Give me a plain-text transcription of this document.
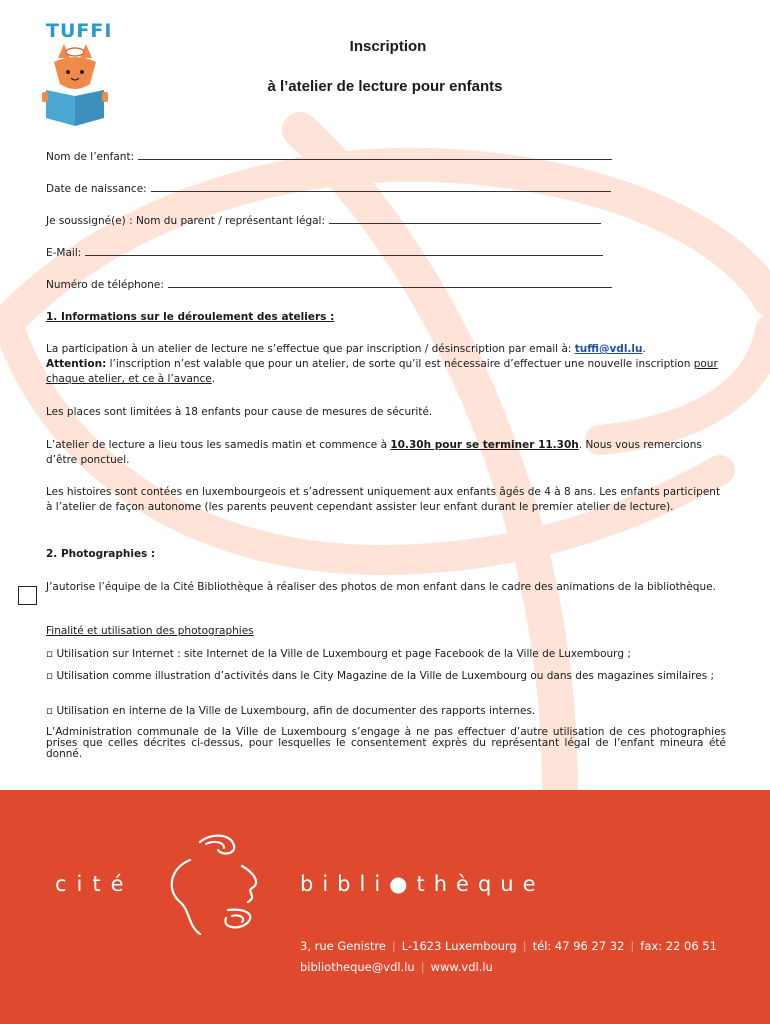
TUFFI
Inscription
à l’atelier de lecture pour enfants
Nom de l’enfant:
Date de naissance:
Je soussigné(e) : Nom du parent / représentant légal:
E-Mail:
Numéro de téléphone:
1. Informations sur le déroulement des ateliers :
La participation à un atelier de lecture ne s’effectue que par inscription / désinscription par email à: tuffi@vdl.lu.
Attention: l’inscription n’est valable que pour un atelier, de sorte qu’il est nécessaire d’effectuer une nouvelle inscription pour chaque atelier, et ce à l’avance.
Les places sont limitées à 18 enfants pour cause de mesures de sécurité.
L’atelier de lecture a lieu tous les samedis matin et commence à 10.30h pour se terminer 11.30h. Nous vous remercions d’être ponctuel.
Les histoires sont contées en luxembourgeois et s’adressent uniquement aux enfants âgés de 4 à 8 ans. Les enfants participent à l’atelier de façon autonome (les parents peuvent cependant assister leur enfant durant le premier atelier de lecture).
2. Photographies :
J’autorise l’équipe de la Cité Bibliothèque à réaliser des photos de mon enfant dans le cadre des animations de la bibliothèque.
Finalité et utilisation des photographies
▫ Utilisation sur Internet : site Internet de la Ville de Luxembourg et page Facebook de la Ville de Luxembourg ;
▫ Utilisation comme illustration d’activités dans le City Magazine de la Ville de Luxembourg ou dans des magazines similaires ;
▫ Utilisation en interne de la Ville de Luxembourg, afin de documenter des rapports internes.
L’Administration communale de la Ville de Luxembourg s’engage à ne pas effectuer d’autre utilisation de ces photographies prises que celles décrites ci-dessus, pour lesquelles le consentement exprès du représentant légal de l’enfant mineura été donné.
cité	bibli●thèque
3, rue Genistre | L-1623 Luxembourg | tél: 47 96 27 32 | fax: 22 06 51
bibliotheque@vdl.lu | www.vdl.lu
